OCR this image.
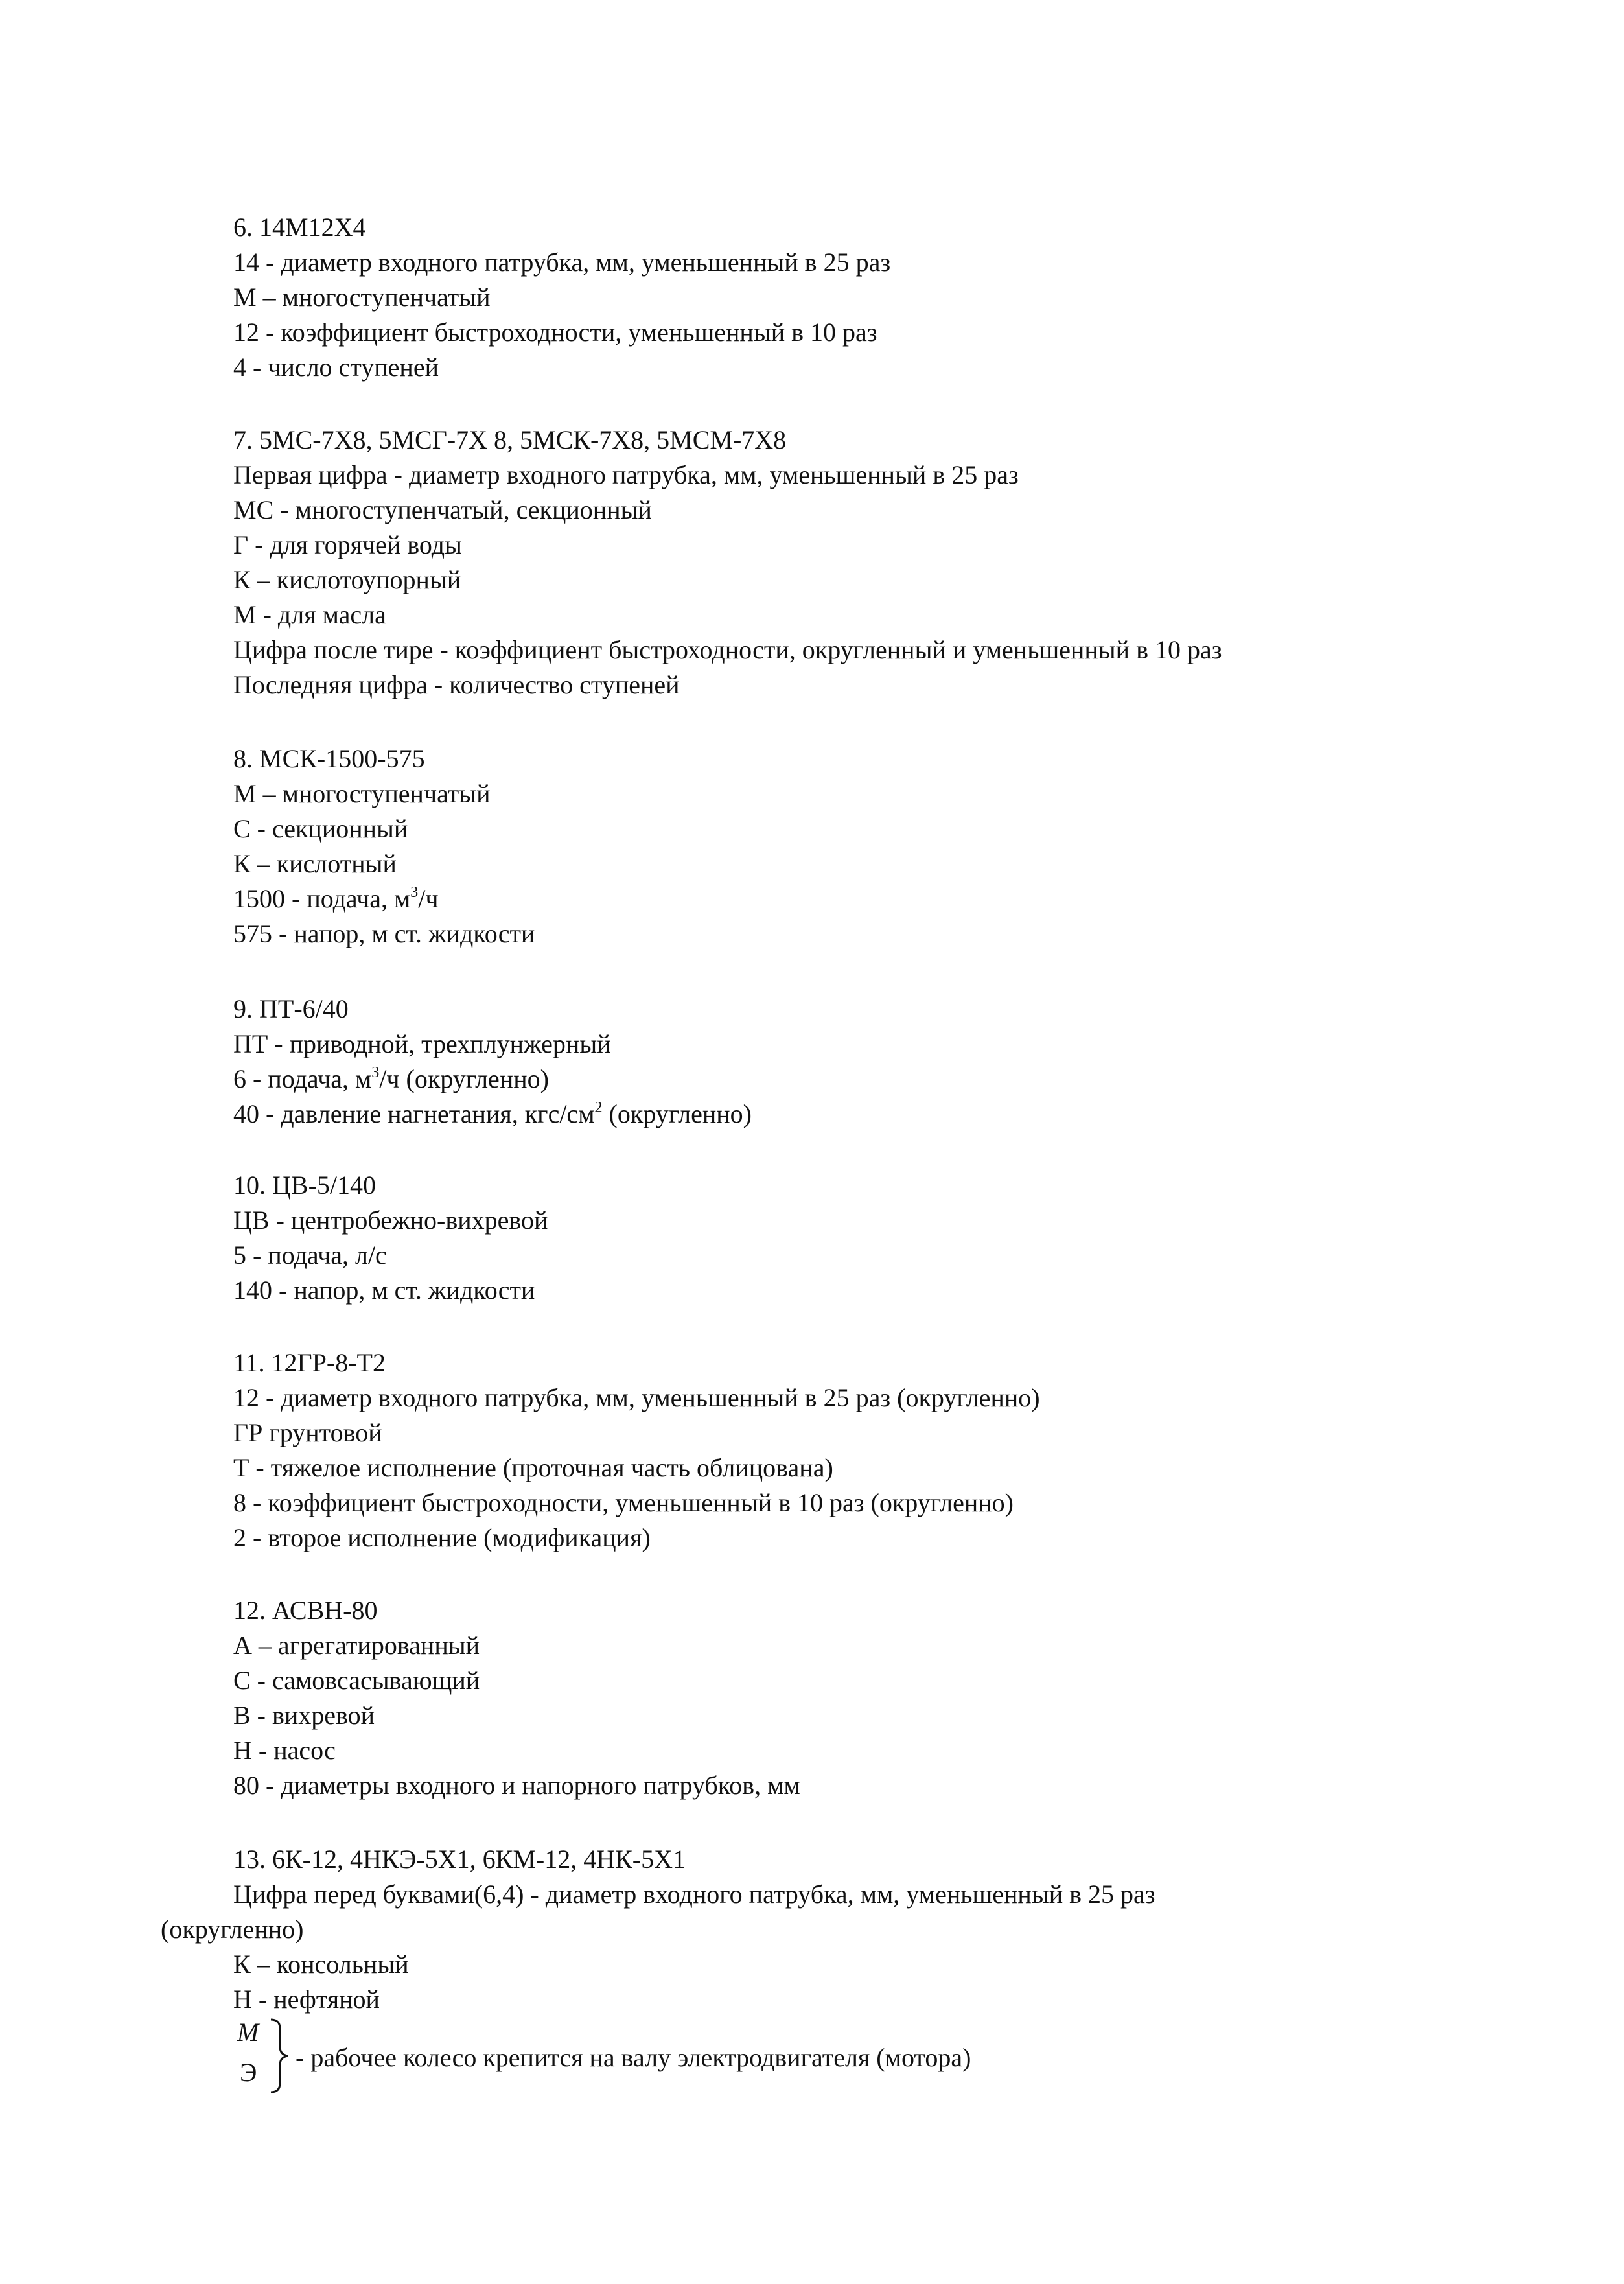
6. 14М12Х4
14 - диаметр входного патрубка, мм, уменьшенный в 25 раз
М – многоступенчатый
12 - коэффициент быстроходности, уменьшенный в 10 раз
4 - число ступеней
7. 5МС-7Х8, 5МСГ-7Х 8, 5МСК-7Х8, 5МСМ-7Х8
Первая цифра - диаметр входного патрубка, мм, уменьшенный в 25 раз
МС - многоступенчатый, секционный
Г - для горячей воды
К – кислотоупорный
М - для масла
Цифра после тире - коэффициент быстроходности, округленный и уменьшенный в 10 раз
Последняя цифра - количество ступеней
8. МСК-1500-575
М – многоступенчатый
С - секционный
К – кислотный
1500 - подача, $м^3/ч$
575 - напор, м ст. жидкости
9. ПТ-6/40
ПТ - приводной, трехплунжерный
6 - подача, $м^3/ч$ (округленно)
40 - давление нагнетания, кгс/$см^2$ (округленно)
10. ЦВ-5/140
ЦВ - центробежно-вихревой
5 - подача, л/с
140 - напор, м ст. жидкости
11. 12ГР-8-Т2
12 - диаметр входного патрубка, мм, уменьшенный в 25 раз (округленно)
ГР грунтовой
Т - тяжелое исполнение (проточная часть облицована)
8 - коэффициент быстроходности, уменьшенный в 10 раз (округленно)
2 - второе исполнение (модификация)
12. АСВН-80
А – агрегатированный
С - самовсасывающий
В - вихревой
Н - насос
80 - диаметры входного и напорного патрубков, мм
13. 6К-12, 4НКЭ-5Х1, 6КМ-12, 4НК-5Х1
Цифра перед буквами(6,4) - диаметр входного патрубка, мм, уменьшенный в 25 раз
(округленно)
К – консольный
Н - нефтяной
М
Э
- рабочее колесо крепится на валу электродвигателя (мотора)
